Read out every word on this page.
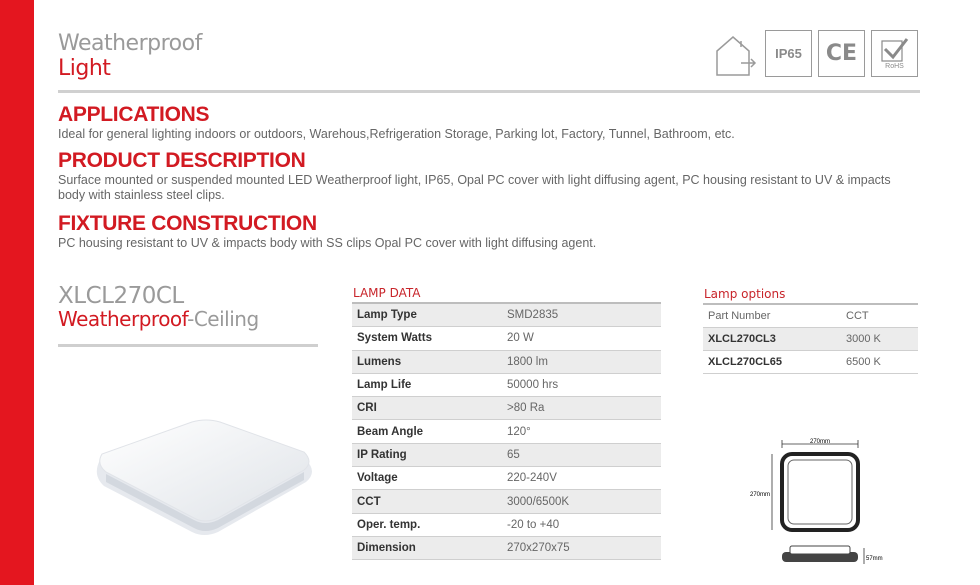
Weatherproof
Light
IP65	CE
RoHS
APPLICATIONS
Ideal for general lighting indoors or outdoors, Warehous,Refrigeration Storage, Parking lot, Factory, Tunnel, Bathroom, etc.
PRODUCT DESCRIPTION
Surface mounted or suspended mounted LED Weatherproof light, IP65, Opal PC cover with light diffusing agent, PC housing resistant to UV & impacts body with stainless steel clips.
FIXTURE CONSTRUCTION
PC housing resistant to UV & impacts body with SS clips Opal PC cover with light diffusing agent.
XLCL270CL
Weatherproof-Ceiling
LAMP DATA
Lamp Type	SMD2835
System Watts	20 W
Lumens	1800 lm
Lamp Life	50000 hrs
CRI	>80 Ra
Beam Angle	120°
IP Rating	65
Voltage	220-240V
CCT	3000/6500K
Oper. temp.	-20 to +40
Dimension	270x270x75
Lamp options
Part Number	CCT
XLCL270CL3	3000 K
XLCL270CL65	6500 K
270mm
270mm
57mm
